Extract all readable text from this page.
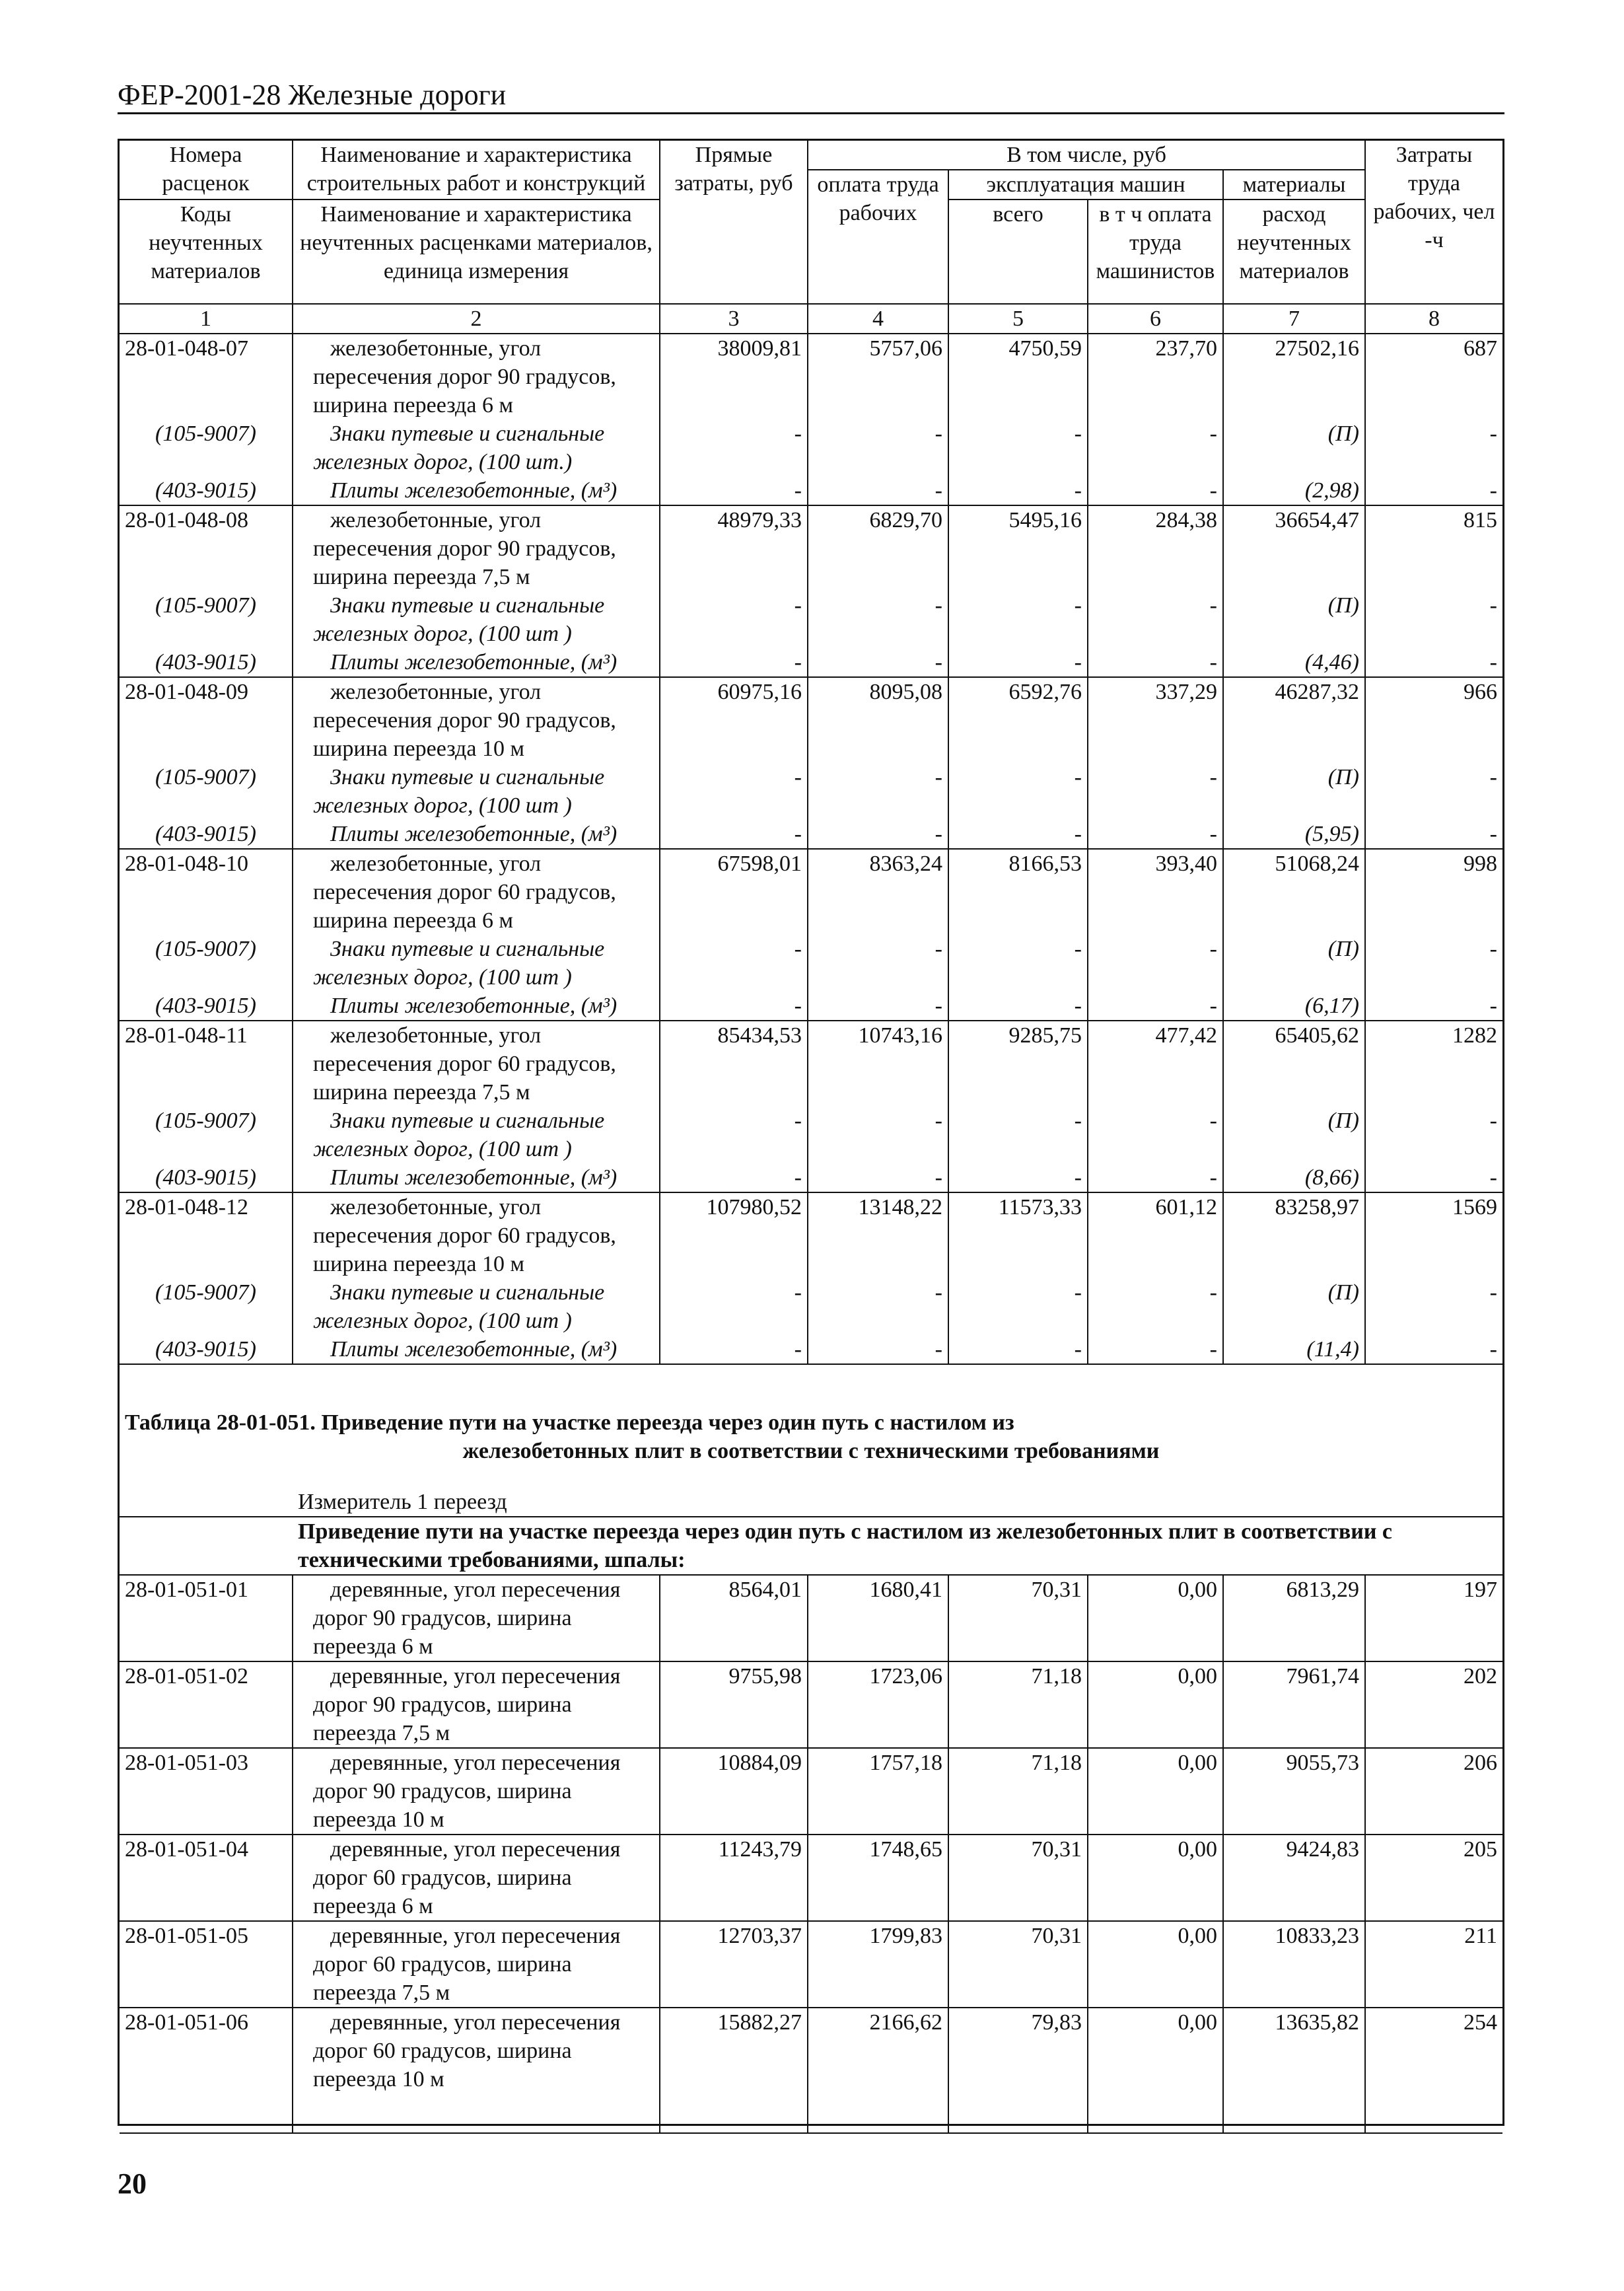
ФЕР-2001-28 Железные дороги
Номера расценок	Наименование и характеристика строительных работ и конструкций	Прямые затраты, руб	В том числе, руб				Затраты труда рабочих, чел -ч
			оплата труда рабочих	эксплуатация машин		материалы	
Коды неучтенных материалов	Наименование и характеристика неучтенных расценками материалов, единица измерения			всего	в т ч оплата труда машинистов	расход неучтенных материалов	

1	2	3	4	5	6	7	8
28-01-048-07	железобетонные, угол пересечения дорог 90 градусов, ширина переезда 6 м	38009,81	5757,06	4750,59	237,70	27502,16	687
(105-9007)	Знаки путевые и сигнальные железных дорог, (100 шт.)	-	-	-	-	(П)	-
(403-9015)	Плиты железобетонные, (м³)	-	-	-	-	(2,98)	-
28-01-048-08	железобетонные, угол пересечения дорог 90 градусов, ширина переезда 7,5 м	48979,33	6829,70	5495,16	284,38	36654,47	815
(105-9007)	Знаки путевые и сигнальные железных дорог, (100 шт )	-	-	-	-	(П)	-
(403-9015)	Плиты железобетонные, (м³)	-	-	-	-	(4,46)	-
28-01-048-09	железобетонные, угол пересечения дорог 90 градусов, ширина переезда 10 м	60975,16	8095,08	6592,76	337,29	46287,32	966
(105-9007)	Знаки путевые и сигнальные железных дорог, (100 шт )	-	-	-	-	(П)	-
(403-9015)	Плиты железобетонные, (м³)	-	-	-	-	(5,95)	-
28-01-048-10	железобетонные, угол пересечения дорог 60 градусов, ширина переезда 6 м	67598,01	8363,24	8166,53	393,40	51068,24	998
(105-9007)	Знаки путевые и сигнальные железных дорог, (100 шт )	-	-	-	-	(П)	-
(403-9015)	Плиты железобетонные, (м³)	-	-	-	-	(6,17)	-
28-01-048-11	железобетонные, угол пересечения дорог 60 градусов, ширина переезда 7,5 м	85434,53	10743,16	9285,75	477,42	65405,62	1282
(105-9007)	Знаки путевые и сигнальные железных дорог, (100 шт )	-	-	-	-	(П)	-
(403-9015)	Плиты железобетонные, (м³)	-	-	-	-	(8,66)	-
28-01-048-12	железобетонные, угол пересечения дорог 60 градусов, ширина переезда 10 м	107980,52	13148,22	11573,33	601,12	83258,97	1569
(105-9007)	Знаки путевые и сигнальные железных дорог, (100 шт )	-	-	-	-	(П)	-
(403-9015)	Плиты железобетонные, (м³)	-	-	-	-	(11,4)	-

Таблица 28-01-051. Приведение пути на участке переезда через один путь с настилом из							
железобетонных плит в соответствии с техническими требованиями							

	Измеритель 1 переезд						
	Приведение пути на участке переезда через один путь с настилом из железобетонных плит в соответствии с техническими требованиями, шпалы:						
28-01-051-01	деревянные, угол пересечения дорог 90 градусов, ширина переезда 6 м	8564,01	1680,41	70,31	0,00	6813,29	197
28-01-051-02	деревянные, угол пересечения дорог 90 градусов, ширина переезда 7,5 м	9755,98	1723,06	71,18	0,00	7961,74	202
28-01-051-03	деревянные, угол пересечения дорог 90 градусов, ширина переезда 10 м	10884,09	1757,18	71,18	0,00	9055,73	206
28-01-051-04	деревянные, угол пересечения дорог 60 градусов, ширина переезда 6 м	11243,79	1748,65	70,31	0,00	9424,83	205
28-01-051-05	деревянные, угол пересечения дорог 60 градусов, ширина переезда 7,5 м	12703,37	1799,83	70,31	0,00	10833,23	211
28-01-051-06	деревянные, угол пересечения дорог 60 градусов, ширина переезда 10 м	15882,27	2166,62	79,83	0,00	13635,82	254
20
